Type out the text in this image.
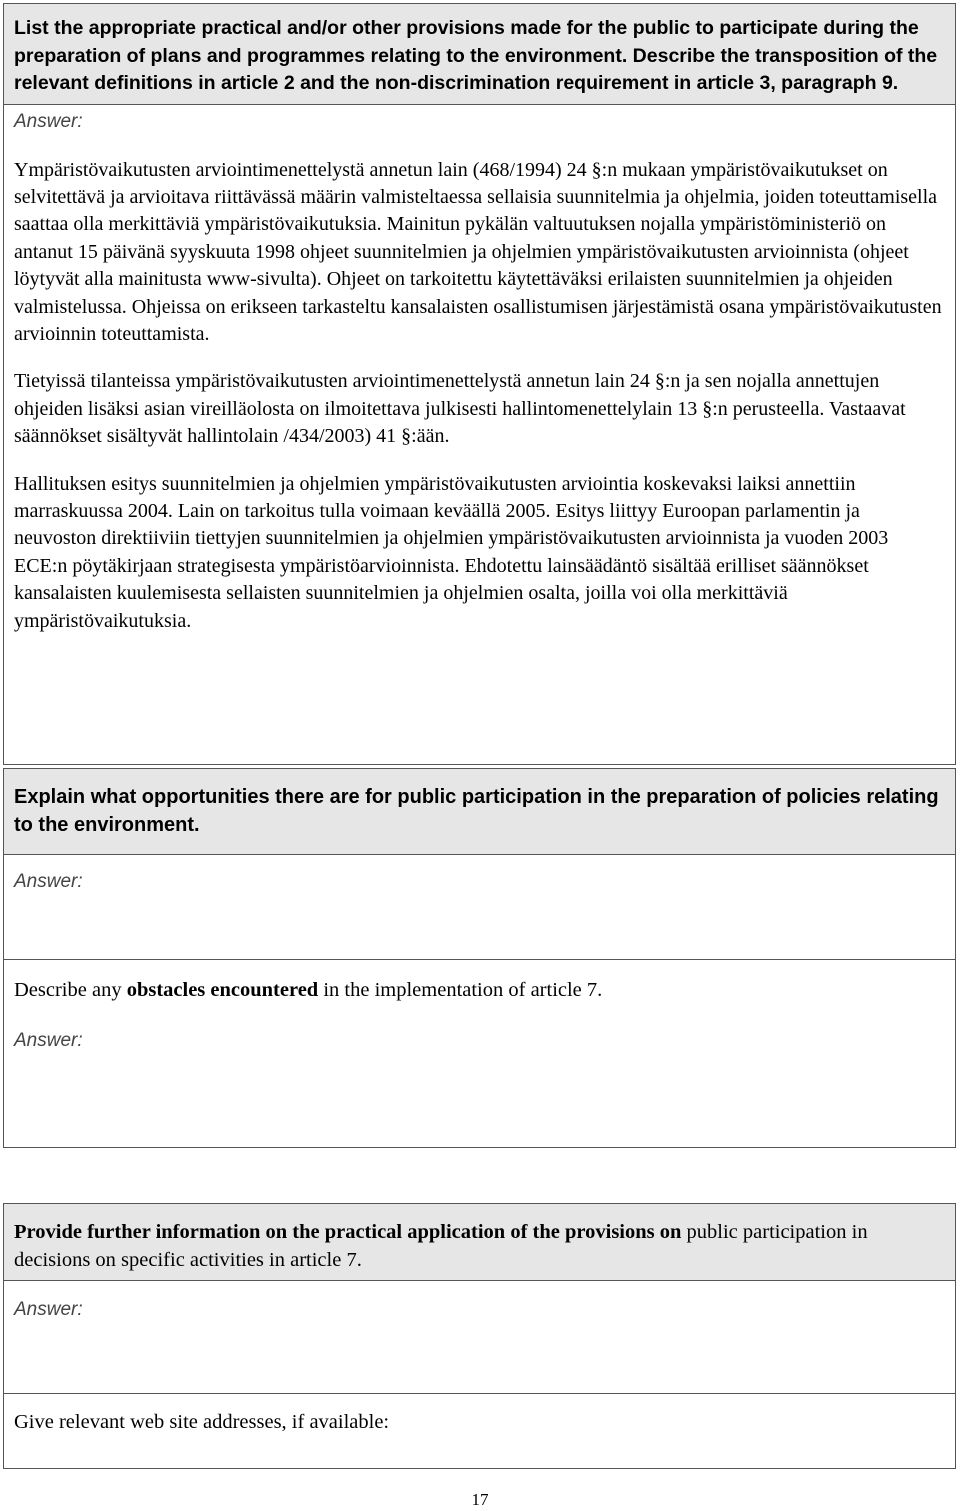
List the appropriate practical and/or other provisions made for the public to participate during the preparation of plans and programmes relating to the environment. Describe the transposition of the relevant definitions in article 2 and the non-discrimination requirement in article 3, paragraph 9.
Answer:

Ympäristövaikutusten arviointimenettelystä annetun lain (468/1994) 24 §:n mukaan ympäristövaikutukset on selvitettävä ja arvioitava riittävässä määrin valmisteltaessa sellaisia suunnitelmia ja ohjelmia, joiden toteuttamisella saattaa olla merkittäviä ympäristövaikutuksia. Mainitun pykälän valtuutuksen nojalla ympäristöministeriö on antanut 15 päivänä syyskuuta 1998 ohjeet suunnitelmien ja ohjelmien ympäristövaikutusten arvioinnista (ohjeet löytyvät alla mainitusta www-sivulta). Ohjeet on tarkoitettu käytettäväksi erilaisten suunnitelmien ja ohjeiden valmistelussa. Ohjeissa on erikseen tarkasteltu kansalaisten osallistumisen järjestämistä osana ympäristövaikutusten arvioinnin toteuttamista.

Tietyissä tilanteissa ympäristövaikutusten arviointimenettelystä annetun lain 24 §:n ja sen nojalla annettujen ohjeiden lisäksi asian vireilläolosta on ilmoitettava julkisesti hallintomenettelylain 13 §:n perusteella. Vastaavat säännökset sisältyvät hallintolain /434/2003) 41 §:ään.

Hallituksen esitys suunnitelmien ja ohjelmien ympäristövaikutusten arviointia koskevaksi laiksi annettiin marraskuussa 2004. Lain on tarkoitus tulla voimaan keväällä 2005. Esitys liittyy Euroopan parlamentin ja neuvoston direktiiviin tiettyjen suunnitelmien ja ohjelmien ympäristövaikutusten arvioinnista ja vuoden 2003 ECE:n pöytäkirjaan strategisesta ympäristöarvioinnista. Ehdotettu lainsäädäntö sisältää erilliset säännökset kansalaisten kuulemisesta sellaisten suunnitelmien ja ohjelmien osalta, joilla voi olla merkittäviä ympäristövaikutuksia.

Explain what opportunities there are for public participation in the preparation of policies relating to the environment.
Answer:
Describe any obstacles encountered in the implementation of article 7.
Answer:
Provide further information on the practical application of the provisions on public participation in decisions on specific activities in article 7.
Answer:
Give relevant web site addresses, if available:
17
